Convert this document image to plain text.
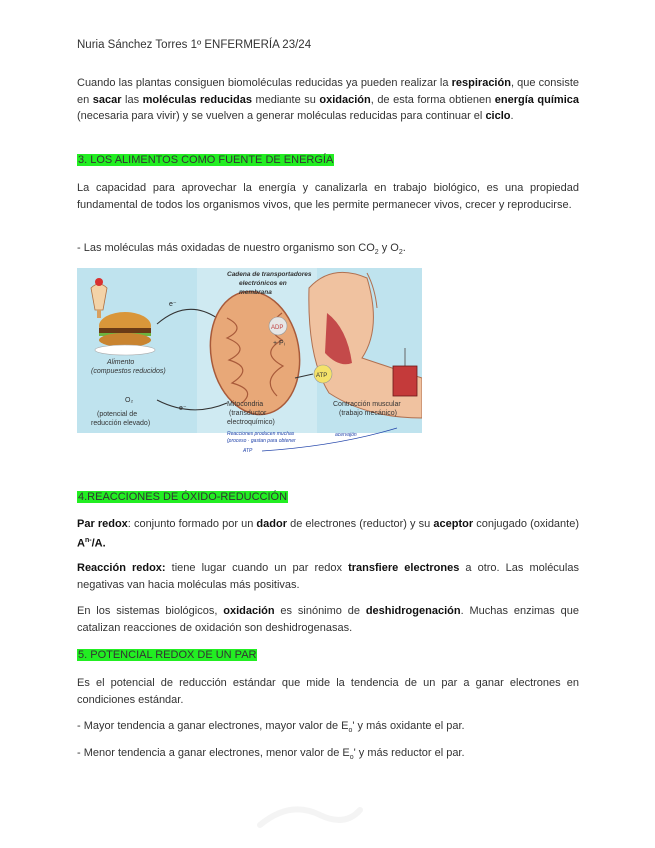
Nuria Sánchez Torres 1º ENFERMERÍA 23/24

Cuando las plantas consiguen biomoléculas reducidas ya pueden realizar la respiración, que consiste en sacar las moléculas reducidas mediante su oxidación, de esta forma obtienen energía química (necesaria para vivir) y se vuelven a generar moléculas reducidas para continuar el ciclo.

3. LOS ALIMENTOS COMO FUENTE DE ENERGÍA

La capacidad para aprovechar la energía y canalizarla en trabajo biológico, es una propiedad fundamental de todos los organismos vivos, que les permite permanecer vivos, crecer y reproducirse.

- Las moléculas más oxidadas de nuestro organismo son $CO_2$ y $O_2$.

Alimento
(compuestos reducidos)
O₂
(potencial de
reducción elevado)
e⁻
e⁻
Cadena de transportadores
electrónicos en
membrana
ADP
+ Pᵢ
Mitocondria
(transductor
electroquímico)
ATP
Contracción muscular
(trabajo mecánico)
Reacciones producen muchas
(proceso · gastan para obtener
ATP
acervajón

4.REACCIONES DE ÓXIDO-REDUCCIÓN

Par redox: conjunto formado por un dador de electrones (reductor) y su aceptor conjugado (oxidante) $A^{n-}/A$.

Reacción redox: tiene lugar cuando un par redox transfiere electrones a otro. Las moléculas negativas van hacia moléculas más positivas.

En los sistemas biológicos, oxidación es sinónimo de deshidrogenación. Muchas enzimas que catalizan reacciones de oxidación son deshidrogenasas.

5. POTENCIAL REDOX DE UN PAR

Es el potencial de reducción estándar que mide la tendencia de un par a ganar electrones en condiciones estándar.

- Mayor tendencia a ganar electrones, mayor valor de $E_o'$ y más oxidante el par.

- Menor tendencia a ganar electrones, menor valor de $E_o'$ y más reductor el par.
